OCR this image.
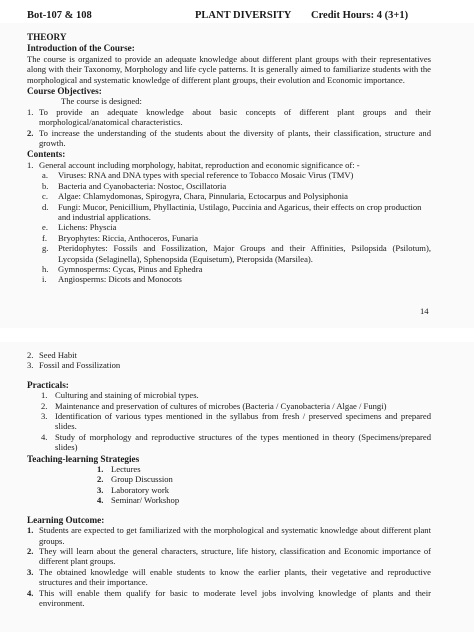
Bot-107 & 108	PLANT DIVERSITY Credit Hours: 4 (3+1)
THEORY
Introduction of the Course:
The course is organized to provide an adequate knowledge about different plant groups with their representatives along with their Taxonomy, Morphology and life cycle patterns. It is generally aimed to familiarize students with the morphological and systematic knowledge of different plant groups, their evolution and Economic importance.
Course Objectives:
The course is designed:
1. To provide an adequate knowledge about basic concepts of different plant groups and their morphological/anatomical characteristics.
2. To increase the understanding of the students about the diversity of plants, their classification, structure and growth.
Contents:
1. General account including morphology, habitat, reproduction and economic significance of: -
a. Viruses: RNA and DNA types with special reference to Tobacco Mosaic Virus (TMV)
b. Bacteria and Cyanobacteria: Nostoc, Oscillatoria
c. Algae: Chlamydomonas, Spirogyra, Chara, Pinnularia, Ectocarpus and Polysiphonia
d. Fungi: Mucor, Penicillium, Phyllactinia, Ustilago, Puccinia and Agaricus, their effects on crop production and industrial applications.
e. Lichens: Physcia
f. Bryophytes: Riccia, Anthoceros, Funaria
g. Pteridophytes: Fossils and Fossilization, Major Groups and their Affinities, Psilopsida (Psilotum), Lycopsida (Selaginella), Sphenopsida (Equisetum), Pteropsida (Marsilea).
h. Gymnosperms: Cycas, Pinus and Ephedra
i. Angiosperms: Dicots and Monocots
14
2. Seed Habit
3. Fossil and Fossilization
Practicals:
1. Culturing and staining of microbial types.
2. Maintenance and preservation of cultures of microbes (Bacteria / Cyanobacteria / Algae / Fungi)
3. Identification of various types mentioned in the syllabus from fresh / preserved specimens and prepared slides.
4. Study of morphology and reproductive structures of the types mentioned in theory (Specimens/prepared slides)
Teaching-learning Strategies
1. Lectures
2. Group Discussion
3. Laboratory work
4. Seminar/ Workshop
Learning Outcome:
1. Students are expected to get familiarized with the morphological and systematic knowledge about different plant groups.
2. They will learn about the general characters, structure, life history, classification and Economic importance of different plant groups.
3. The obtained knowledge will enable students to know the earlier plants, their vegetative and reproductive structures and their importance.
4. This will enable them qualify for basic to moderate level jobs involving knowledge of plants and their environment.
